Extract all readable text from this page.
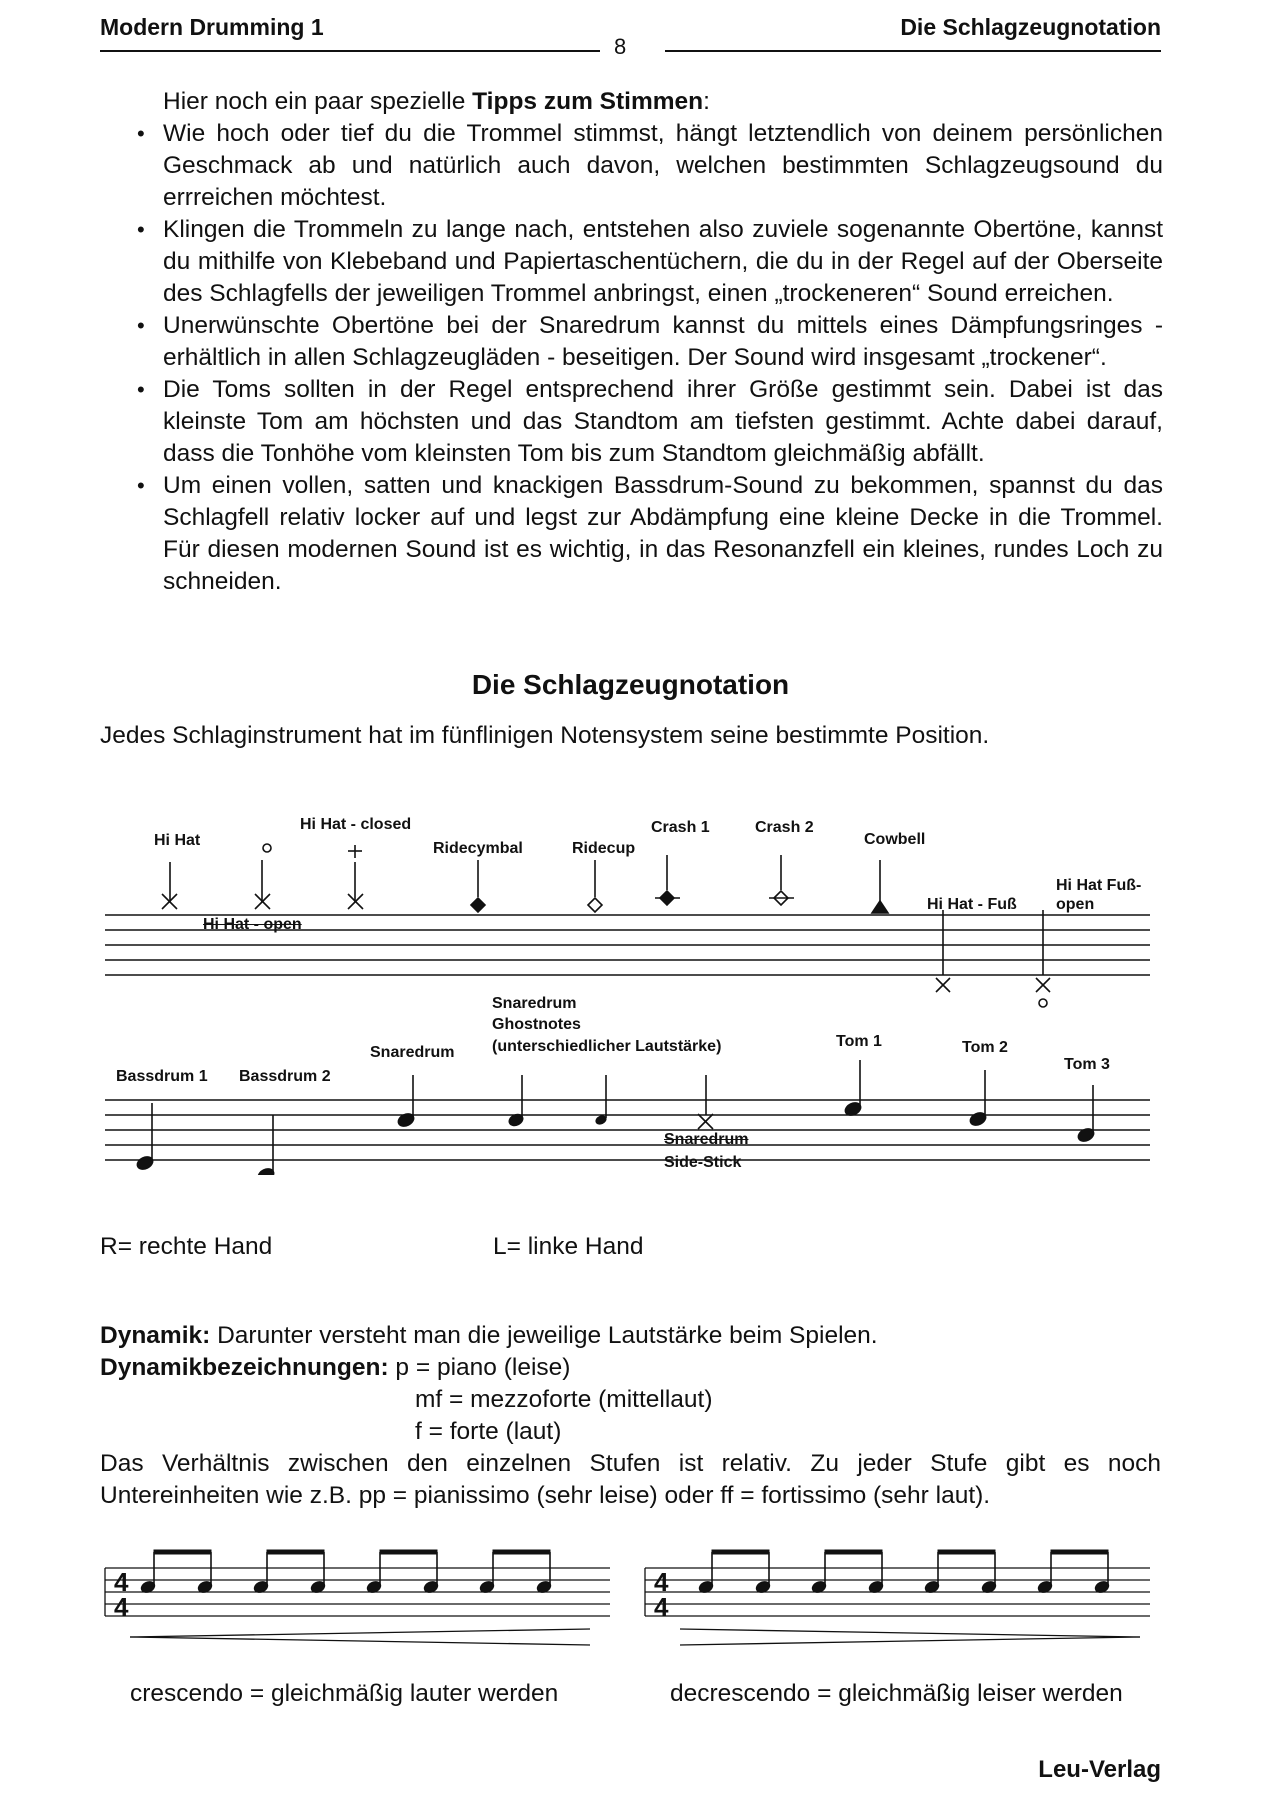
Modern Drumming 1
8
Die Schlagzeugnotation
Hier noch ein paar spezielle Tipps zum Stimmen:
• Wie hoch oder tief du die Trommel stimmst, hängt letztendlich von deinem persönlichen Geschmack ab und natürlich auch davon, welchen bestimmten Schlagzeugsound du errreichen möchtest.
• Klingen die Trommeln zu lange nach, entstehen also zuviele sogenannte Obertöne, kannst du mithilfe von Klebeband und Papiertaschentüchern, die du in der Regel auf der Oberseite des Schlagfells der jeweiligen Trommel anbringst, einen „trockeneren“ Sound erreichen.
• Unerwünschte Obertöne bei der Snaredrum kannst du mittels eines Dämpfungsringes - erhältlich in allen Schlagzeugläden - beseitigen. Der Sound wird insgesamt „trockener“.
• Die Toms sollten in der Regel entsprechend ihrer Größe gestimmt sein. Dabei ist das kleinste Tom am höchsten und das Standtom am tiefsten gestimmt. Achte dabei darauf, dass die Tonhöhe vom kleinsten Tom bis zum Standtom gleichmäßig abfällt.
• Um einen vollen, satten und knackigen Bassdrum-Sound zu bekommen, spannst du das Schlagfell relativ locker auf und legst zur Abdämpfung eine kleine Decke in die Trommel. Für diesen modernen Sound ist es wichtig, in das Resonanzfell ein kleines, rundes Loch zu schneiden.
Die Schlagzeugnotation
Jedes Schlaginstrument hat im fünflinigen Notensystem seine bestimmte Position.
Hi Hat
Hi Hat - closed
Hi Hat - open
Ridecymbal	Ridecup
Crash 1	Crash 2
Cowbell
Hi Hat - Fuß
Hi Hat Fuß-
open
Bassdrum 1 Bassdrum 2
Snaredrum
Snaredrum
Ghostnotes
(unterschiedlicher Lautstärke)
Snaredrum
Side-Stick
Tom 1	Tom 2
Tom 3
R= rechte Hand	L= linke Hand
Dynamik: Darunter versteht man die jeweilige Lautstärke beim Spielen.
Dynamikbezeichnungen: p = piano (leise)
mf = mezzoforte (mittellaut)
f = forte (laut)
Das Verhältnis zwischen den einzelnen Stufen ist relativ. Zu jeder Stufe gibt es noch Untereinheiten wie z.B. pp = pianissimo (sehr leise) oder ff = fortissimo (sehr laut).
4
4
4
4
crescendo = gleichmäßig lauter werden	decrescendo = gleichmäßig leiser werden
Leu-Verlag
